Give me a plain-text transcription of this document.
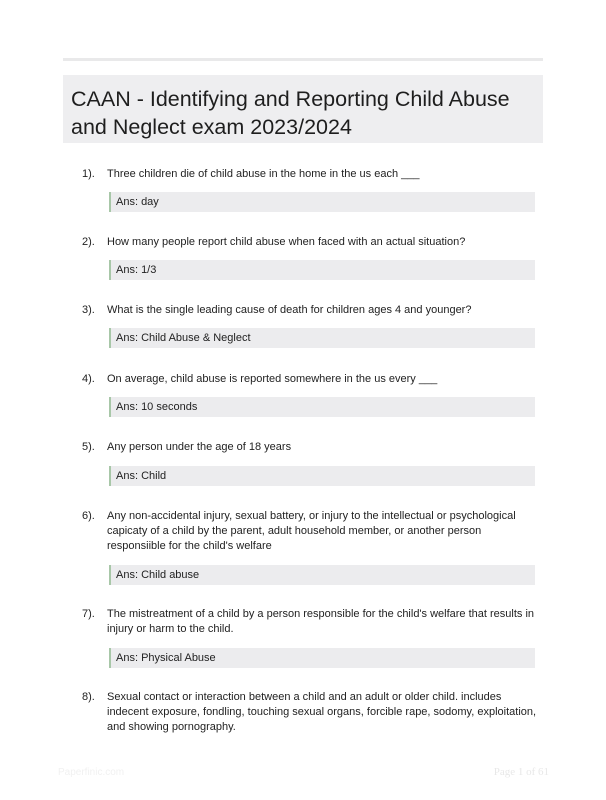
CAAN - Identifying and Reporting Child Abuse and Neglect exam 2023/2024
1). Three children die of child abuse in the home in the us each ___
Ans: day
2). How many people report child abuse when faced with an actual situation?
Ans: 1/3
3). What is the single leading cause of death for children ages 4 and younger?
Ans: Child Abuse & Neglect
4). On average, child abuse is reported somewhere in the us every ___
Ans: 10 seconds
5). Any person under the age of 18 years
Ans: Child
6). Any non-accidental injury, sexual battery, or injury to the intellectual or psychological capicaty of a child by the parent, adult household member, or another person responsiible for the child's welfare
Ans: Child abuse
7). The mistreatment of a child by a person responsible for the child's welfare that results in injury or harm to the child.
Ans: Physical Abuse
8). Sexual contact or interaction between a child and an adult or older child. includes indecent exposure, fondling, touching sexual organs, forcible rape, sodomy, exploitation, and showing pornography.
Paperfinic.com	Page 1 of 61
